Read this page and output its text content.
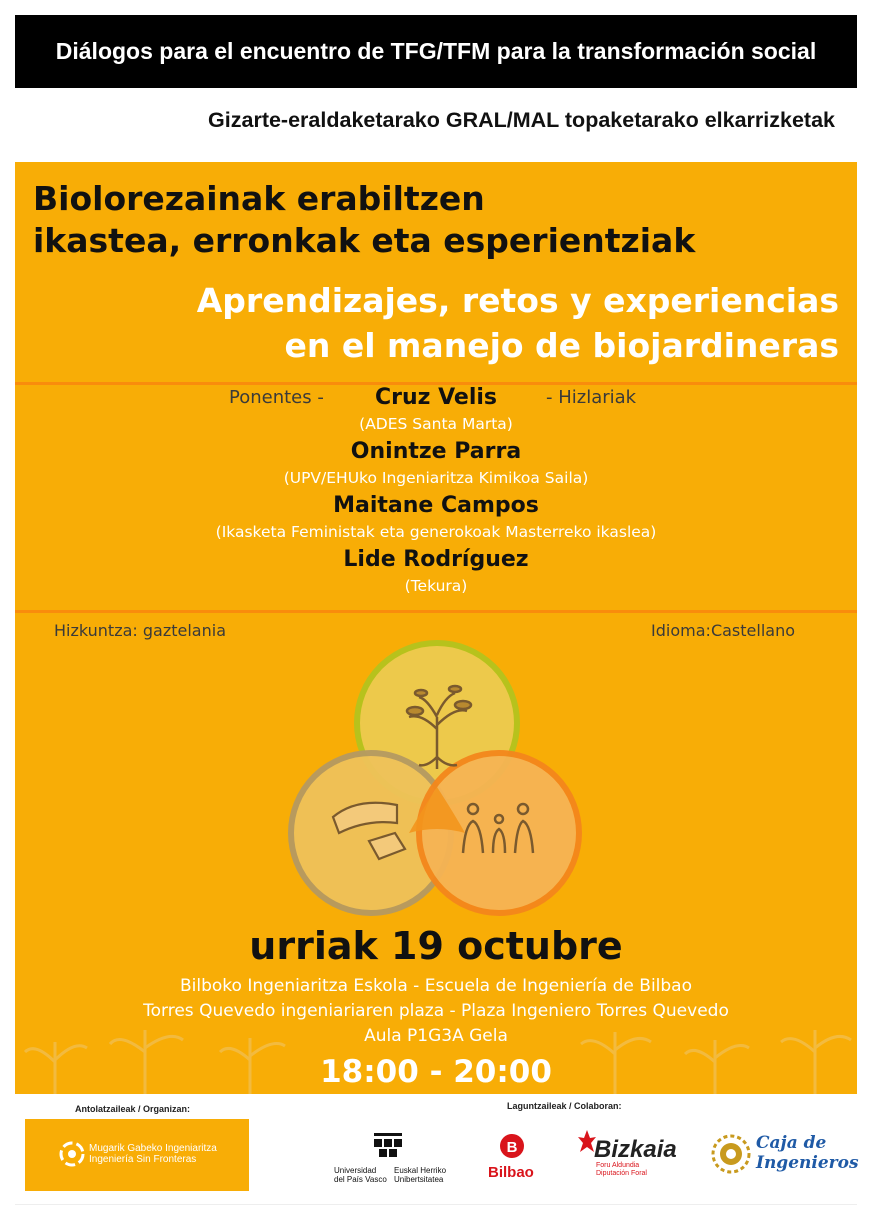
Diálogos para el encuentro de TFG/TFM para la transformación social
Gizarte-eraldaketarako GRAL/MAL topaketarako elkarrizketak
Biolorezainak erabiltzen
ikastea, erronkak eta esperientziak
Aprendizajes, retos y experiencias
en el manejo de biojardineras
Ponentes -	- Hizlariak
Cruz Velis
(ADES Santa Marta)
Onintze Parra
(UPV/EHUko Ingeniaritza Kimikoa Saila)
Maitane Campos
(Ikasketa Feministak eta generokoak Masterreko ikaslea)
Lide Rodríguez
(Tekura)
Hizkuntza: gaztelania	Idioma:Castellano
urriak 19 octubre
Bilboko Ingeniaritza Eskola - Escuela de Ingeniería de Bilbao
Torres Quevedo ingeniariaren plaza - Plaza Ingeniero Torres Quevedo
Aula P1G3A Gela
18:00 - 20:00
Antolatzaileak / Organizan:	Laguntzaileak / Colaboran:
Mugarik Gabeko Ingeniaritza
Ingeniería Sin Fronteras
Universidad
del País Vasco
Euskal Herriko
Unibertsitatea
B
Bilbao
Bizkaia
Foru Aldundia
Diputación Foral
Caja de
Ingenieros
